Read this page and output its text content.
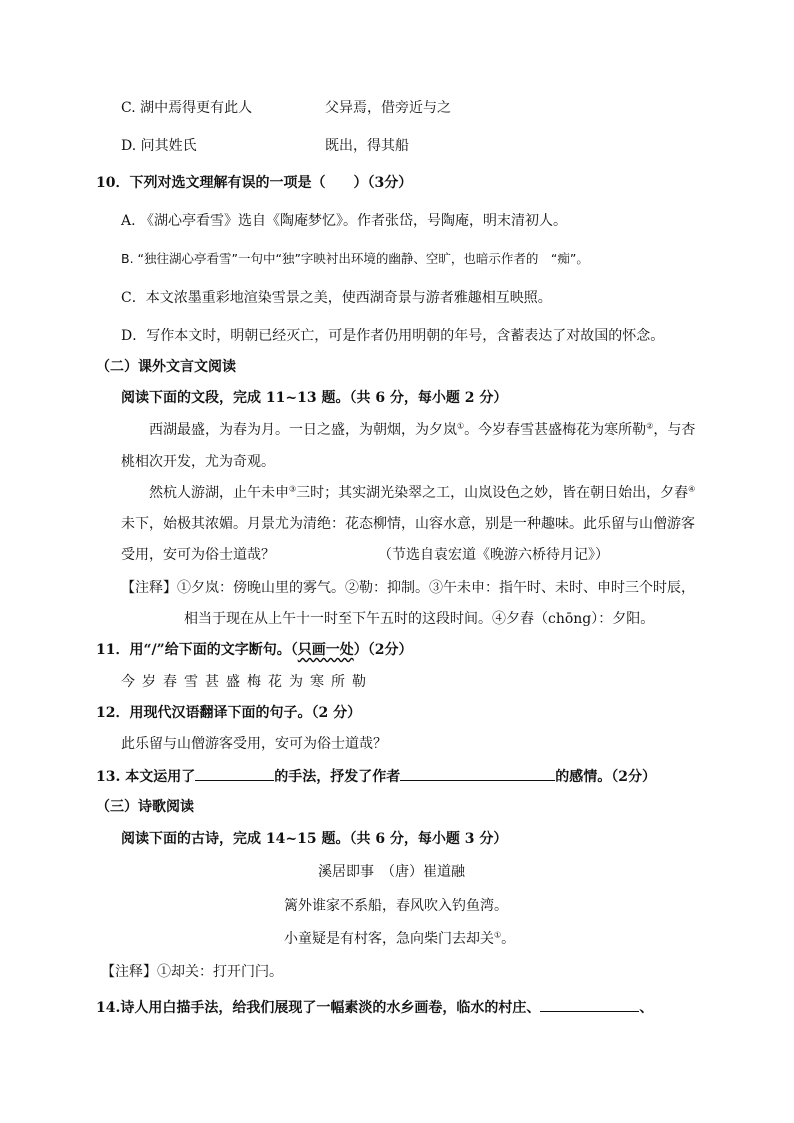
C. 湖中焉得更有此人	父异焉，借旁近与之
D. 问其姓氏	既出，得其船
10．下列对选文理解有误的一项是（　　）（3分）
A. 《湖心亭看雪》选自《陶庵梦忆》。作者张岱，号陶庵，明末清初人。
B. “独往湖心亭看雪”一句中“独”字映衬出环境的幽静、空旷，也暗示作者的　“痴”。
C．本文浓墨重彩地渲染雪景之美，使西湖奇景与游者雅趣相互映照。
D．写作本文时，明朝已经灭亡，可是作者仍用明朝的年号，含蓄表达了对故国的怀念。
（二）课外文言文阅读
阅读下面的文段，完成 11~13 题。（共 6 分，每小题 2 分）
西湖最盛，为春为月。一日之盛，为朝烟，为夕岚①。今岁春雪甚盛梅花为寒所勒②，与杏
桃相次开发，尤为奇观。
然杭人游湖，止午未申③三时；其实湖光染翠之工，山岚设色之妙，皆在朝日始出，夕舂④
未下，始极其浓媚。月景尤为清绝：花态柳情，山容水意，别是一种趣味。此乐留与山僧游客
受用，安可为俗士道哉？	（节选自袁宏道《晚游六桥待月记》）
【注释】①夕岚：傍晚山里的雾气。②勒：抑制。③午未申：指午时、未时、申时三个时辰，
相当于现在从上午十一时至下午五时的这段时间。④夕舂（chōng）：夕阳。
11．用“/”给下面的文字断句。（只画一处）（2分）
今岁春雪甚盛梅花为寒所勒
12．用现代汉语翻译下面的句子。（2 分）
此乐留与山僧游客受用，安可为俗士道哉？
13. 本文运用了	的手法，抒发了作者	的感情。（2分）
（三）诗歌阅读
阅读下面的古诗，完成 14~15 题。（共 6 分，每小题 3 分）
溪居即事　（唐）崔道融
篱外谁家不系船，春风吹入钓鱼湾。
小童疑是有村客，急向柴门去却关①。
【注释】①却关：打开门闩。
14.诗人用白描手法，给我们展现了一幅素淡的水乡画卷，临水的村庄、	、
